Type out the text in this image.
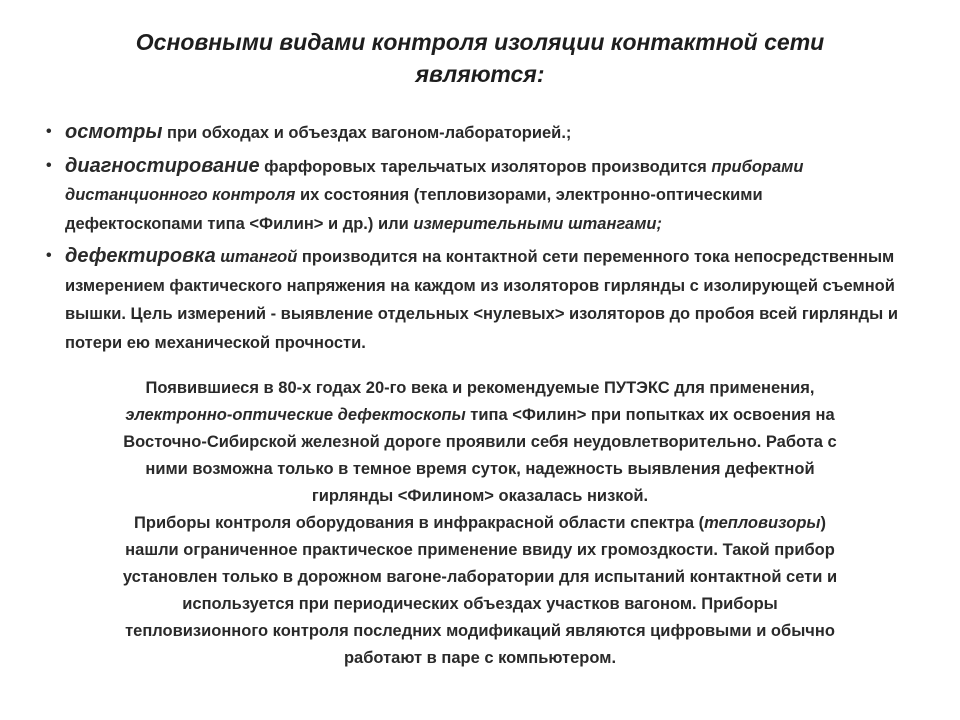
Основными видами контроля изоляции контактной сети
являются:
• осмотры при обходах и объездах вагоном-лабораторией.;
• диагностирование фарфоровых тарельчатых изоляторов производится приборами дистанционного контроля их состояния (тепловизорами, электронно-оптическими дефектоскопами типа <Филин> и др.) или измерительными штангами;
• дефектировка штангой производится на контактной сети переменного тока непосредственным измерением фактического напряжения на каждом из изоляторов гирлянды с изолирующей съемной вышки. Цель измерений - выявление отдельных <нулевых> изоляторов до пробоя всей гирлянды и потери ею механической прочности.
Появившиеся в 80-х годах 20-го века и рекомендуемые ПУТЭКС для применения,
электронно-оптические дефектоскопы типа <Филин> при попытках их освоения на
Восточно-Сибирской железной дороге проявили себя неудовлетворительно. Работа с
ними возможна только в темное время суток, надежность выявления дефектной
гирлянды <Филином> оказалась низкой.
Приборы контроля оборудования в инфракрасной области спектра (тепловизоры)
нашли ограниченное практическое применение ввиду их громоздкости. Такой прибор
установлен только в дорожном вагоне-лаборатории для испытаний контактной сети и
используется при периодических объездах участков вагоном. Приборы
тепловизионного контроля последних модификаций являются цифровыми и обычно
работают в паре с компьютером.
